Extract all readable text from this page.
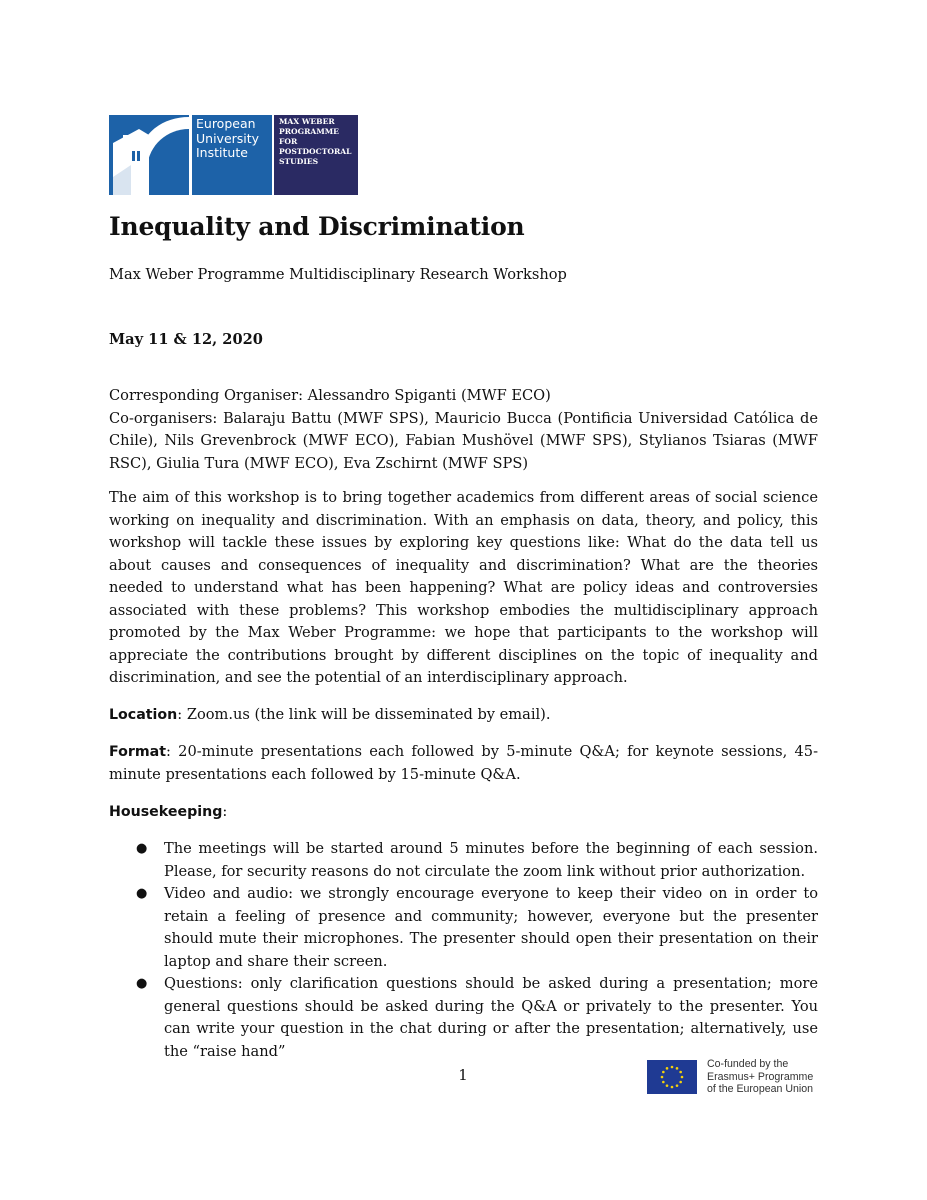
European
University
Institute
MAX WEBER
PROGRAMME
FOR
POSTDOCTORAL
STUDIES
Inequality and Discrimination
Max Weber Programme Multidisciplinary Research Workshop
May 11 & 12, 2020

Corresponding Organiser: Alessandro Spiganti (MWF ECO)

Co-organisers: Balaraju Battu (MWF SPS), Mauricio Bucca (Pontificia Universidad Católica de Chile), Nils Grevenbrock (MWF ECO), Fabian Mushövel (MWF SPS), Stylianos Tsiaras (MWF RSC), Giulia Tura (MWF ECO), Eva Zschirnt (MWF SPS)

The aim of this workshop is to bring together academics from different areas of social science working on inequality and discrimination. With an emphasis on data, theory, and policy, this workshop will tackle these issues by exploring key questions like: What do the data tell us about causes and consequences of inequality and discrimination? What are the theories needed to understand what has been happening? What are policy ideas and controversies associated with these problems? This workshop embodies the multidisciplinary approach promoted by the Max Weber Programme: we hope that participants to the workshop will appreciate the contributions brought by different disciplines on the topic of inequality and discrimination, and see the potential of an interdisciplinary approach.

Location: Zoom.us (the link will be disseminated by email).

Format: 20-minute presentations each followed by 5-minute Q&A; for keynote sessions, 45-minute presentations each followed by 15-minute Q&A.

Housekeeping:

● The meetings will be started around 5 minutes before the beginning of each session. Please, for security reasons do not circulate the zoom link without prior authorization.
● Video and audio: we strongly encourage everyone to keep their video on in order to retain a feeling of presence and community; however, everyone but the presenter should mute their microphones. The presenter should open their presentation on their laptop and share their screen.
● Questions: only clarification questions should be asked during a presentation; more general questions should be asked during the Q&A or privately to the presenter. You can write your question in the chat during or after the presentation; alternatively, use the “raise hand”
1
Co-funded by the
Erasmus+ Programme
of the European Union
